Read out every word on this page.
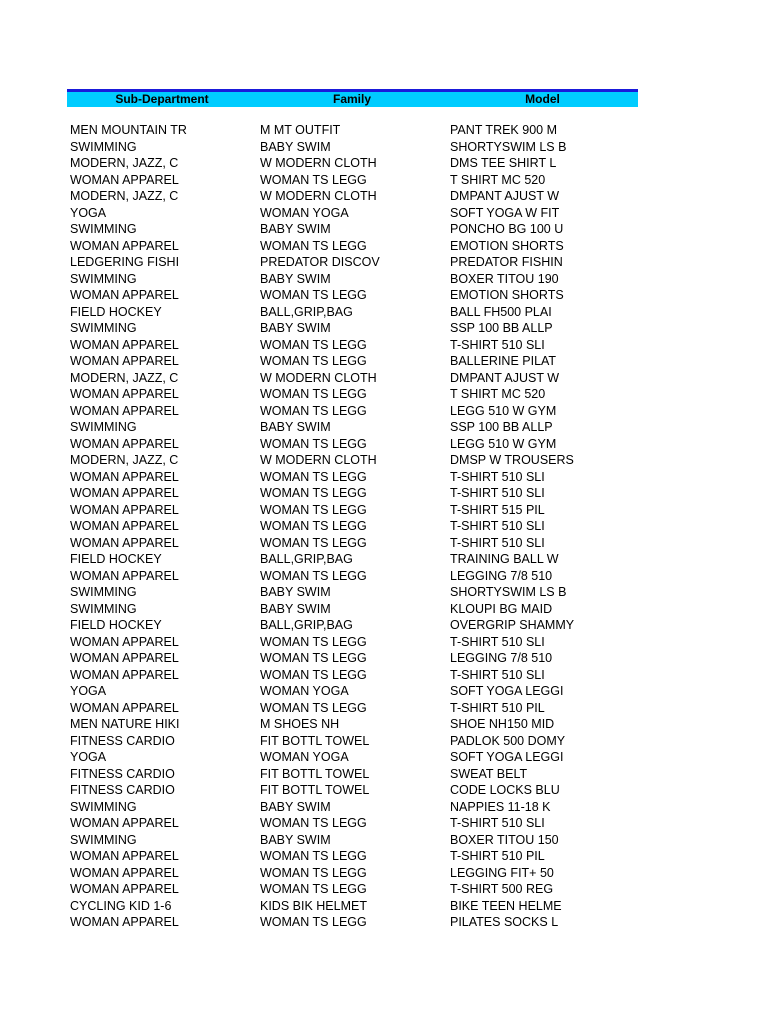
Sub-Department	Family	Model
MEN MOUNTAIN TR	M MT OUTFIT	PANT TREK 900 M
SWIMMING	BABY SWIM	SHORTYSWIM LS B
MODERN, JAZZ, C	W MODERN CLOTH	DMS TEE SHIRT L
WOMAN APPAREL	WOMAN TS LEGG	T SHIRT MC 520
MODERN, JAZZ, C	W MODERN CLOTH	DMPANT AJUST W
YOGA	WOMAN YOGA	SOFT YOGA W FIT
SWIMMING	BABY SWIM	PONCHO BG 100 U
WOMAN APPAREL	WOMAN TS LEGG	EMOTION SHORTS
LEDGERING FISHI	PREDATOR DISCOV	PREDATOR FISHIN
SWIMMING	BABY SWIM	BOXER TITOU 190
WOMAN APPAREL	WOMAN TS LEGG	EMOTION SHORTS
FIELD HOCKEY	BALL,GRIP,BAG	BALL FH500 PLAI
SWIMMING	BABY SWIM	SSP 100 BB ALLP
WOMAN APPAREL	WOMAN TS LEGG	T-SHIRT 510 SLI
WOMAN APPAREL	WOMAN TS LEGG	BALLERINE PILAT
MODERN, JAZZ, C	W MODERN CLOTH	DMPANT AJUST W
WOMAN APPAREL	WOMAN TS LEGG	T SHIRT MC 520
WOMAN APPAREL	WOMAN TS LEGG	LEGG 510 W GYM
SWIMMING	BABY SWIM	SSP 100 BB ALLP
WOMAN APPAREL	WOMAN TS LEGG	LEGG 510 W GYM
MODERN, JAZZ, C	W MODERN CLOTH	DMSP W TROUSERS
WOMAN APPAREL	WOMAN TS LEGG	T-SHIRT 510 SLI
WOMAN APPAREL	WOMAN TS LEGG	T-SHIRT 510 SLI
WOMAN APPAREL	WOMAN TS LEGG	T-SHIRT 515 PIL
WOMAN APPAREL	WOMAN TS LEGG	T-SHIRT 510 SLI
WOMAN APPAREL	WOMAN TS LEGG	T-SHIRT 510 SLI
FIELD HOCKEY	BALL,GRIP,BAG	TRAINING BALL W
WOMAN APPAREL	WOMAN TS LEGG	LEGGING 7/8 510
SWIMMING	BABY SWIM	SHORTYSWIM LS B
SWIMMING	BABY SWIM	KLOUPI BG MAID
FIELD HOCKEY	BALL,GRIP,BAG	OVERGRIP SHAMMY
WOMAN APPAREL	WOMAN TS LEGG	T-SHIRT 510 SLI
WOMAN APPAREL	WOMAN TS LEGG	LEGGING 7/8 510
WOMAN APPAREL	WOMAN TS LEGG	T-SHIRT 510 SLI
YOGA	WOMAN YOGA	SOFT YOGA LEGGI
WOMAN APPAREL	WOMAN TS LEGG	T-SHIRT 510 PIL
MEN NATURE HIKI	M SHOES NH	SHOE NH150 MID
FITNESS CARDIO	FIT BOTTL TOWEL	PADLOK 500 DOMY
YOGA	WOMAN YOGA	SOFT YOGA LEGGI
FITNESS CARDIO	FIT BOTTL TOWEL	SWEAT BELT
FITNESS CARDIO	FIT BOTTL TOWEL	CODE LOCKS BLU
SWIMMING	BABY SWIM	NAPPIES 11-18 K
WOMAN APPAREL	WOMAN TS LEGG	T-SHIRT 510 SLI
SWIMMING	BABY SWIM	BOXER TITOU 150
WOMAN APPAREL	WOMAN TS LEGG	T-SHIRT 510 PIL
WOMAN APPAREL	WOMAN TS LEGG	LEGGING FIT+ 50
WOMAN APPAREL	WOMAN TS LEGG	T-SHIRT 500 REG
CYCLING KID 1-6	KIDS BIK HELMET	BIKE TEEN HELME
WOMAN APPAREL	WOMAN TS LEGG	PILATES SOCKS L
